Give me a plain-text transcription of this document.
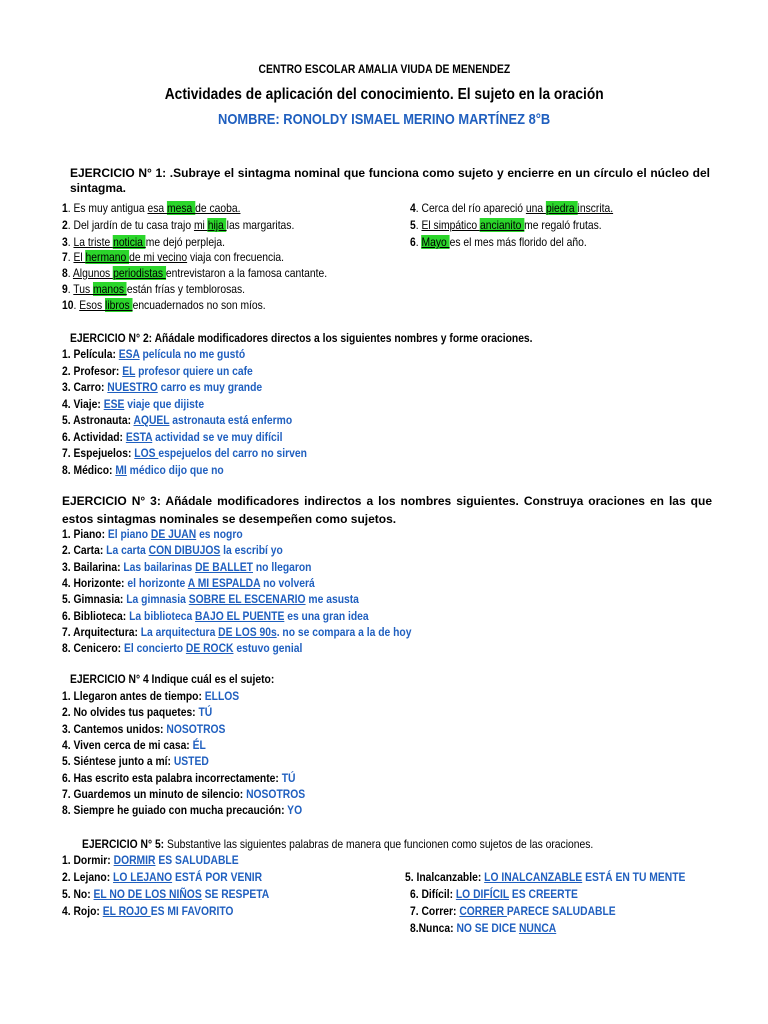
CENTRO ESCOLAR AMALIA VIUDA DE MENENDEZ
Actividades de aplicación del conocimiento. El sujeto en la oración
NOMBRE: RONOLDY ISMAEL MERINO MARTÍNEZ 8°B
EJERCICIO N° 1: .Subraye el sintagma nominal que funciona como sujeto y encierre en un círculo el núcleo del sintagma.
1. Es muy antigua esa mesa de caoba.
2. Del jardín de tu casa trajo mi hija las margaritas.
3. La triste noticia me dejó perpleja.
7. El hermano de mi vecino viaja con frecuencia.
8. Algunos periodistas entrevistaron a la famosa cantante.
9. Tus manos están frías y temblorosas.
10. Esos libros encuadernados no son míos.
4. Cerca del río apareció una piedra inscrita.
5. El simpático ancianito me regaló frutas.
6. Mayo es el mes más florido del año.
EJERCICIO N° 2: Añádale modificadores directos a los siguientes nombres y forme oraciones.
1. Película: ESA película no me gustó
2. Profesor: EL profesor quiere un cafe
3. Carro: NUESTRO carro es muy grande
4. Viaje: ESE viaje que dijiste
5. Astronauta: AQUEL astronauta está enfermo
6. Actividad: ESTA actividad se ve muy difícil
7. Espejuelos: LOS espejuelos del carro no sirven
8. Médico: MI médico dijo que no
EJERCICIO N° 3: Añádale modificadores indirectos a los nombres siguientes. Construya oraciones en las que estos sintagmas nominales se desempeñen como sujetos.
1. Piano: El piano DE JUAN es nogro
2. Carta: La carta CON DIBUJOS la escribí yo
3. Bailarina: Las bailarinas DE BALLET no llegaron
4. Horizonte: el horizonte A MI ESPALDA no volverá
5. Gimnasia: La gimnasia SOBRE EL ESCENARIO me asusta
6. Biblioteca: La biblioteca BAJO EL PUENTE es una gran idea
7. Arquitectura: La arquitectura DE LOS 90s. no se compara a la de hoy
8. Cenicero: El concierto DE ROCK estuvo genial
EJERCICIO N° 4 Indique cuál es el sujeto:
1. Llegaron antes de tiempo: ELLOS
2. No olvides tus paquetes: TÚ
3. Cantemos unidos: NOSOTROS
4. Viven cerca de mi casa: ÉL
5. Siéntese junto a mí: USTED
6. Has escrito esta palabra incorrectamente: TÚ
7. Guardemos un minuto de silencio: NOSOTROS
8. Siempre he guiado con mucha precaución: YO
EJERCICIO N° 5: Substantive las siguientes palabras de manera que funcionen como sujetos de las oraciones.
1. Dormir: DORMIR ES SALUDABLE
2. Lejano: LO LEJANO ESTÁ POR VENIR
5. No: EL NO DE LOS NIÑOS SE RESPETA
4. Rojo: EL ROJO ES MI FAVORITO
5. Inalcanzable: LO INALCANZABLE ESTÁ EN TU MENTE
6. Difícil: LO DIFÍCIL ES CREERTE
7. Correr: CORRER PARECE SALUDABLE
8.Nunca: NO SE DICE NUNCA
